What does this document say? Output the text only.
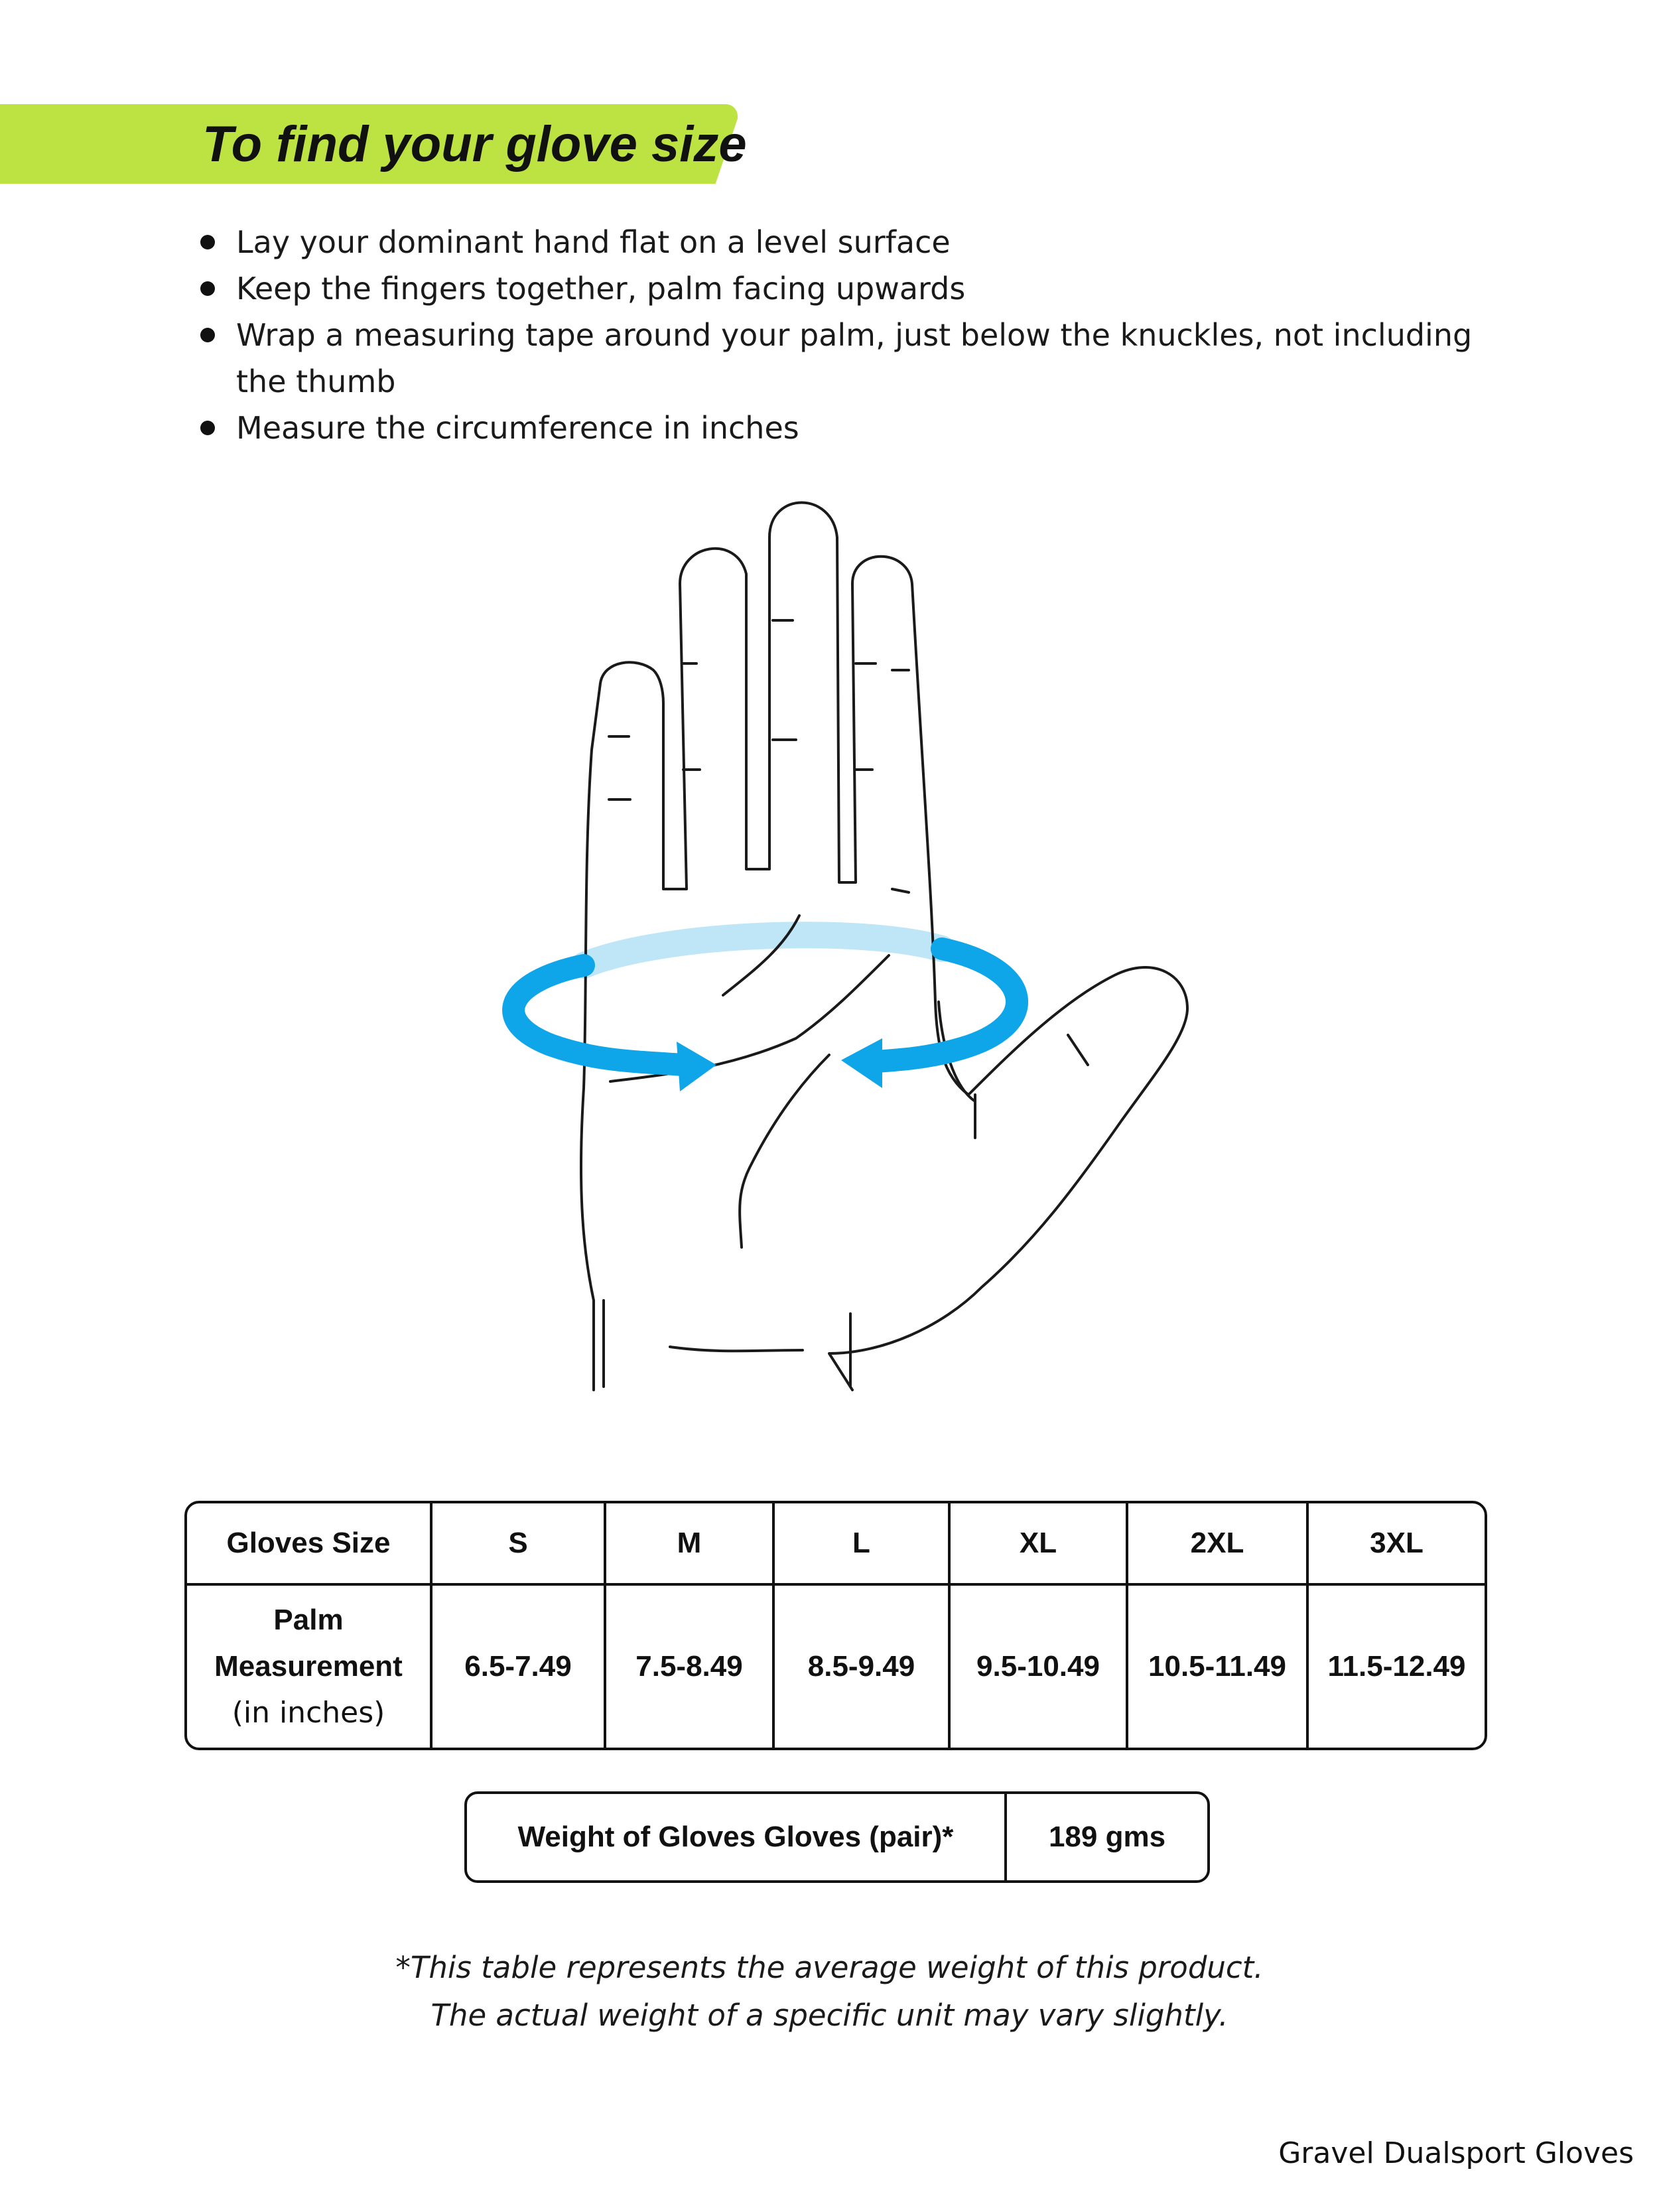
To find your glove size
Lay your dominant hand flat on a level surface
Keep the fingers together, palm facing upwards
Wrap a measuring tape around your palm, just below the knuckles, not including
the thumb
Measure the circumference in inches
Gloves Size	S	M	L	XL	2XL	3XL
Palm
Measurement
(in inches)
6.5-7.49	7.5-8.49	8.5-9.49	9.5-10.49	10.5-11.49	11.5-12.49
Weight of Gloves Gloves (pair)*	189 gms
*This table represents the average weight of this product.
The actual weight of a specific unit may vary slightly.
Gravel Dualsport Gloves
